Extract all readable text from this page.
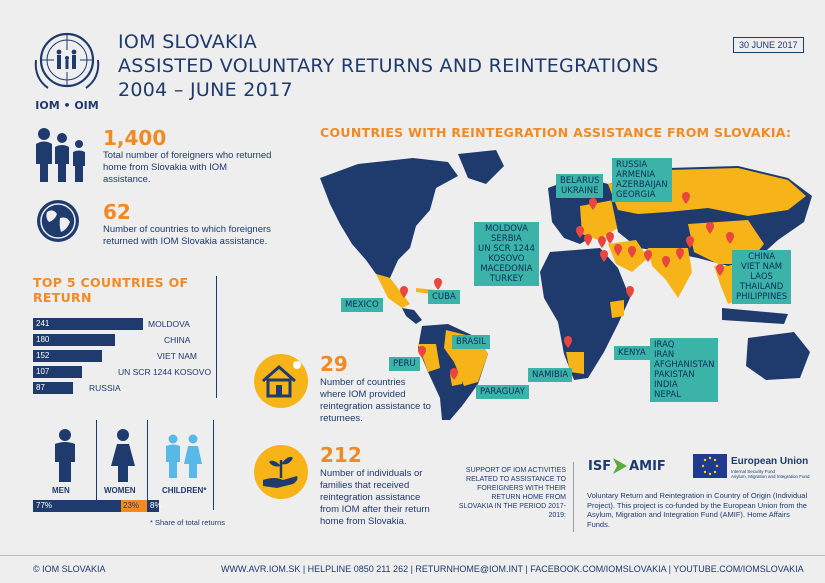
IOM • OIM
IOM SLOVAKIA
ASSISTED VOLUNTARY RETURNS AND REINTEGRATIONS
2004 – JUNE 2017
30 JUNE 2017
1,400
Total number of foreigners who returned home from Slovakia with IOM assistance.
62
Number of countries to which foreigners returned with IOM Slovakia assistance.
TOP 5 COUNTRIES OF RETURN
241	MOLDOVA
180	CHINA
152	VIET NAM
107	UN SCR 1244 KOSOVO
87	RUSSIA
MEN	WOMEN	CHILDREN*
77%	23% 8%
* Share of total returns
COUNTRIES WITH REINTEGRATION ASSISTANCE FROM SLOVAKIA:
BELARUS
UKRAINE
RUSSIA
ARMENIA
AZERBAIJAN
GEORGIA
MOLDOVA
SERBIA
UN SCR 1244
KOSOVO
MACEDONIA
TURKEY
CHINA
VIET NAM
LAOS
THAILAND
PHILIPPINES
MEXICO
CUBA
BRASIL
PERU
PARAGUAY
NAMIBIA
KENYA
IRAQ
IRAN
AFGHANISTAN
PAKISTAN
INDIA
NEPAL
29
Number of countries where IOM provided reintegration assistance to returnees.
212
Number of individuals or families that received reintegration assistance from IOM after their return home from Slovakia.
SUPPORT OF IOM ACTIVITIES RELATED TO ASSISTANCE TO FOREIGNERS WITH THEIR RETURN HOME FROM SLOVAKIA IN THE PERIOD 2017-2019:
ISF AMIF	European Union
Internal Security Fund
Asylum, Migration and Integration Fund
Voluntary Return and Reintegration in Country of Origin (Individual Project). This project is co-funded by the European Union from the Asylum, Migration and Integration Fund (AMIF). Home Affairs Funds.
© IOM SLOVAKIA	WWW.AVR.IOM.SK | HELPLINE 0850 211 262 | RETURNHOME@IOM.INT | FACEBOOK.COM/IOMSLOVAKIA | YOUTUBE.COM/IOMSLOVAKIA
